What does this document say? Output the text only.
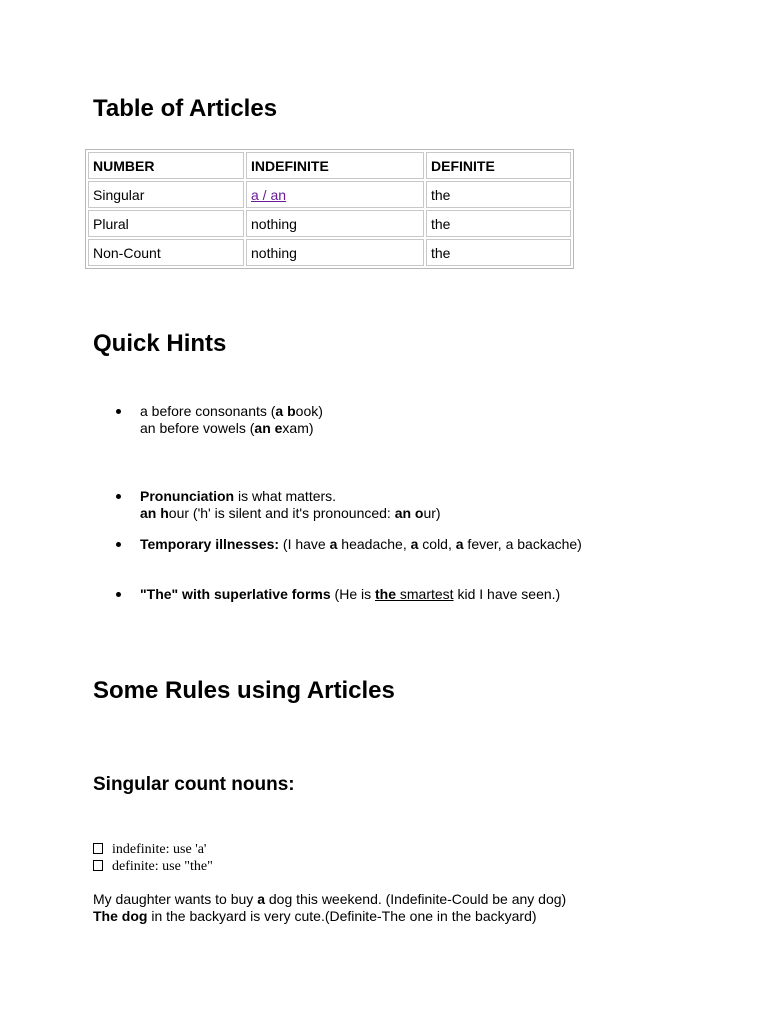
Table of Articles
NUMBER	INDEFINITE	DEFINITE
Singular	a / an	the
Plural	nothing	the
Non-Count	nothing	the
Quick Hints
a before consonants (a book)
an before vowels (an exam)
Pronunciation is what matters.
an hour ('h' is silent and it's pronounced: an our)
Temporary illnesses: (I have a headache, a cold, a fever, a backache)
"The" with superlative forms (He is the smartest kid I have seen.)
Some Rules using Articles
Singular count nouns:
indefinite: use 'a'
definite: use "the"
My daughter wants to buy a dog this weekend. (Indefinite-Could be any dog)
The dog in the backyard is very cute.(Definite-The one in the backyard)
